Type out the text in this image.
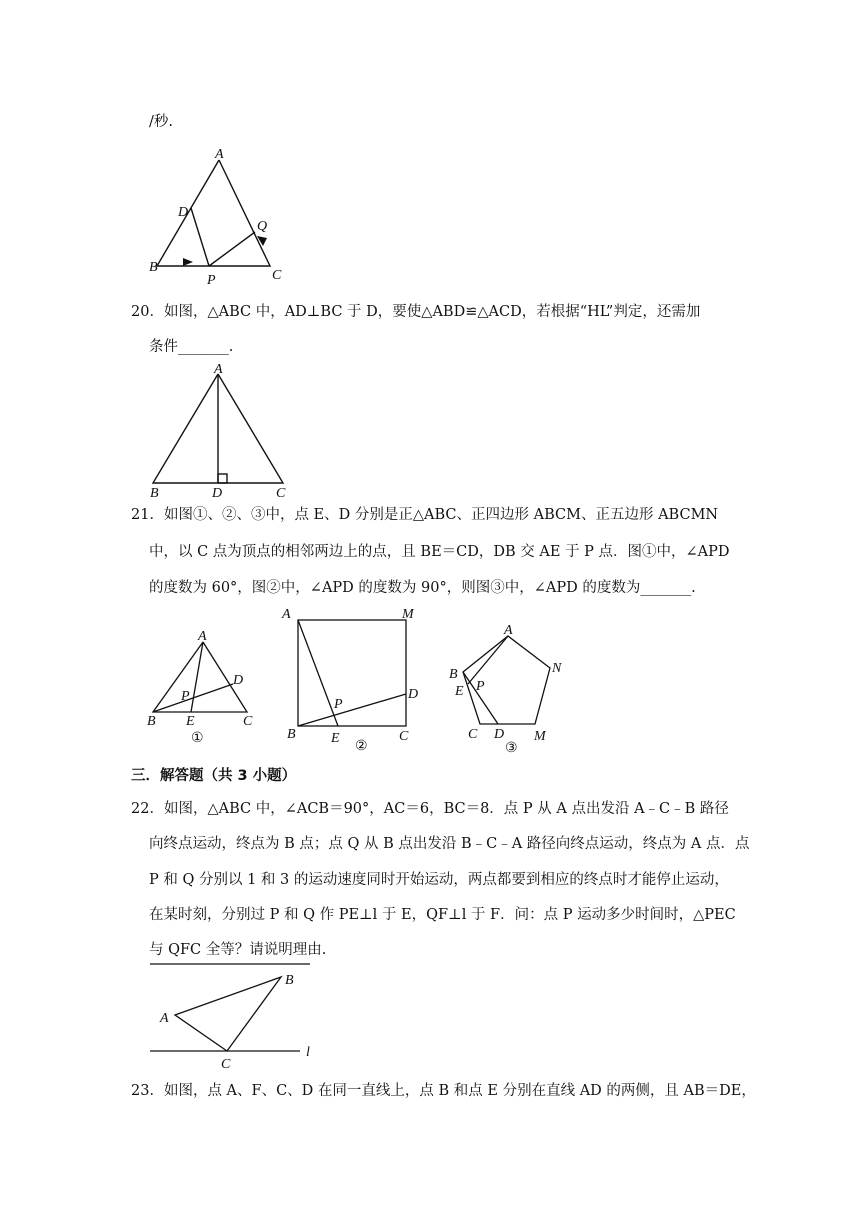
/秒.
A
D
Q
B
P	C
20．如图，△ABC 中，AD⊥BC 于 D，要使△ABD≌△ACD，若根据“HL”判定，还需加
条件_______.
A
B	D	C
21．如图①、②、③中，点 E、D 分别是正△ABC、正四边形 ABCM、正五边形 ABCMN
中，以 C 点为顶点的相邻两边上的点，且 BE＝CD，DB 交 AE 于 P 点．图①中，∠APD
的度数为 60°，图②中，∠APD 的度数为 90°，则图③中，∠APD 的度数为_______.
A
D
P
B E	C
①
A	M
D
P
B	E	C
②
A
N
B
E P
C D M
③
三．解答题（共 3 小题）
22．如图，△ABC 中，∠ACB＝90°，AC＝6，BC＝8．点 P 从 A 点出发沿 A﹣C﹣B 路径
向终点运动，终点为 B 点；点 Q 从 B 点出发沿 B﹣C﹣A 路径向终点运动，终点为 A 点．点
P 和 Q 分别以 1 和 3 的运动速度同时开始运动，两点都要到相应的终点时才能停止运动，
在某时刻，分别过 P 和 Q 作 PE⊥l 于 E，QF⊥l 于 F．问：点 P 运动多少时间时，△PEC
与 QFC 全等？请说明理由.
B
A
C
l
23．如图，点 A、F、C、D 在同一直线上，点 B 和点 E 分别在直线 AD 的两侧，且 AB＝DE，
